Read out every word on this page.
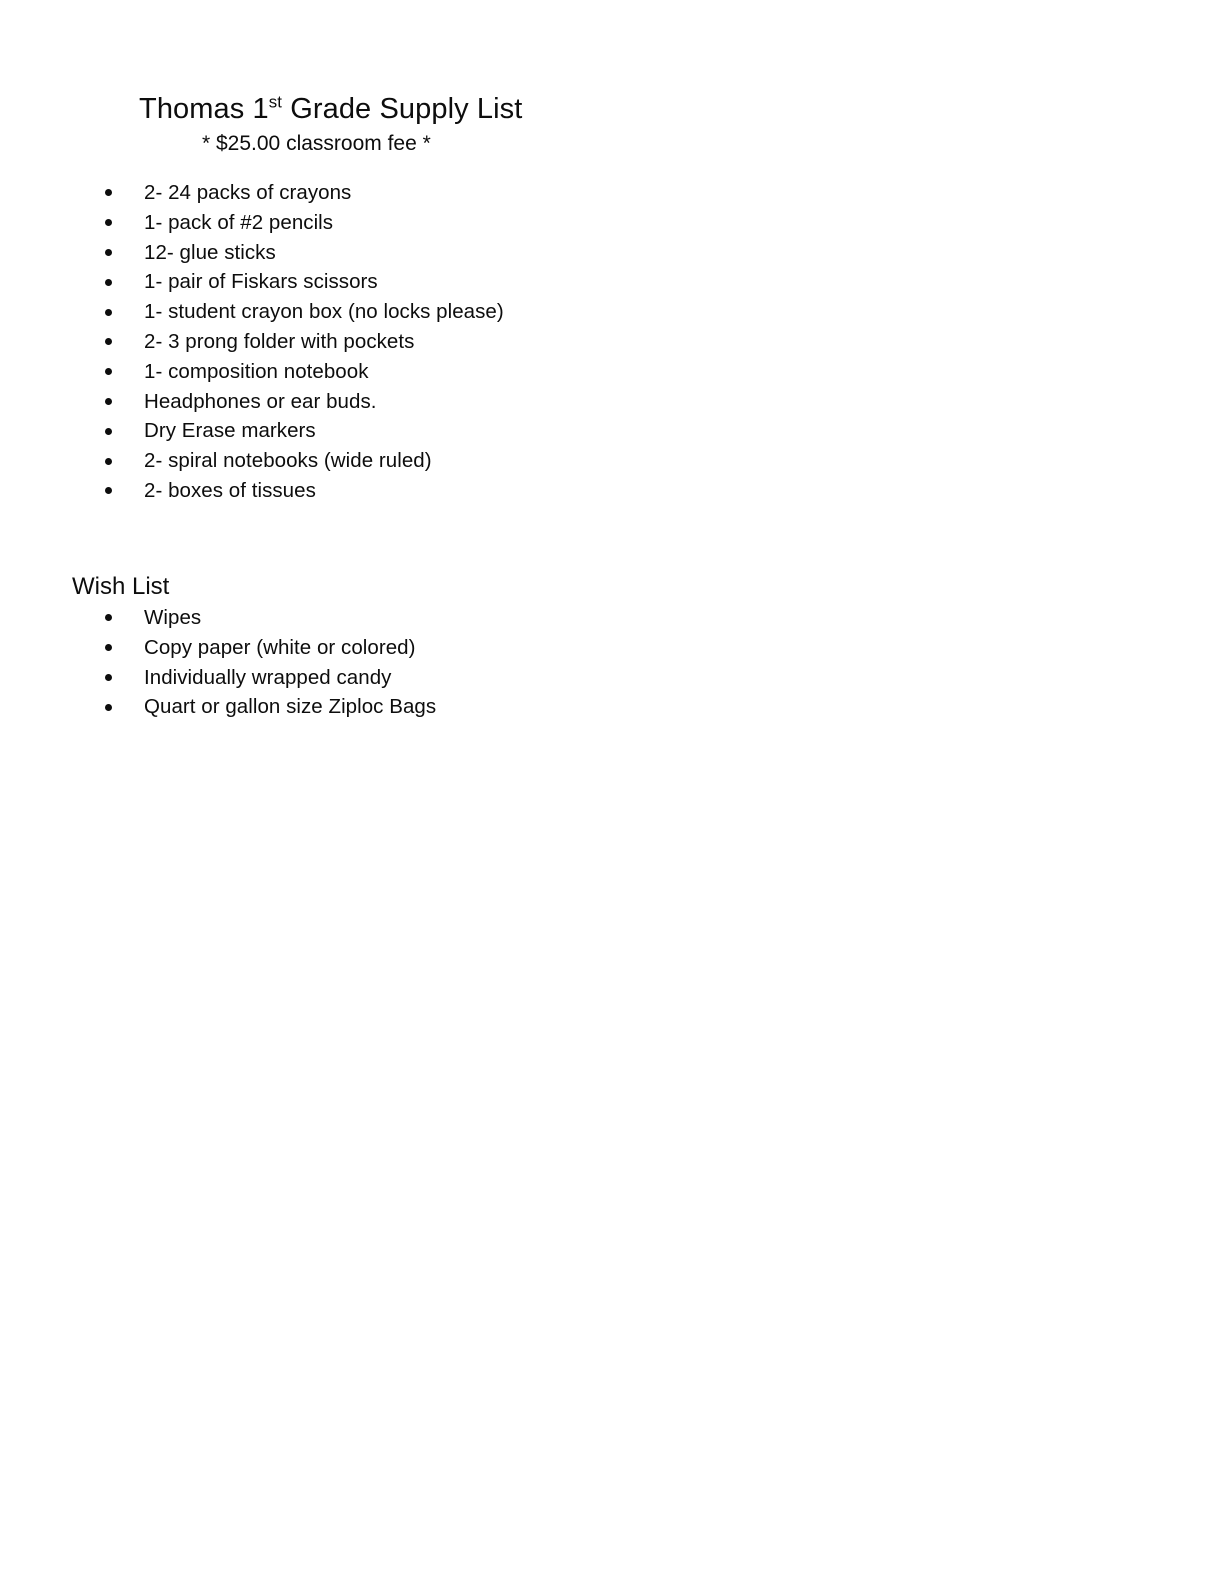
Thomas 1st Grade Supply List
* $25.00 classroom fee *
2- 24 packs of crayons
1- pack of #2 pencils
12- glue sticks
1- pair of Fiskars scissors
1- student crayon box (no locks please)
2- 3 prong folder with pockets
1- composition notebook
Headphones or ear buds.
Dry Erase markers
2- spiral notebooks (wide ruled)
2- boxes of tissues
Wish List
Wipes
Copy paper (white or colored)
Individually wrapped candy
Quart or gallon size Ziploc Bags
